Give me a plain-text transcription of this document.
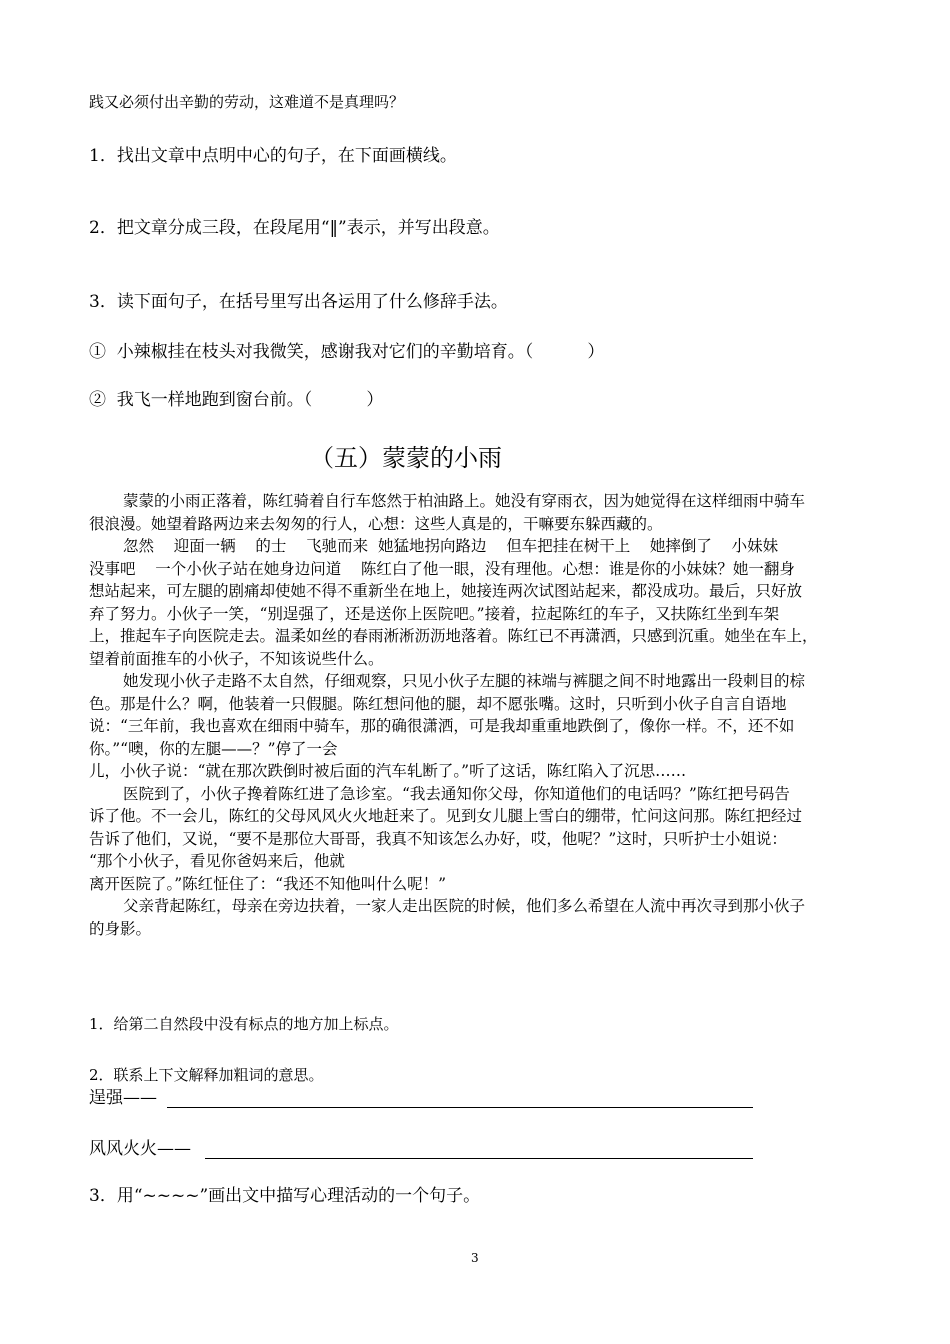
践又必须付出辛勤的劳动，这难道不是真理吗？
1．找出文章中点明中心的句子，在下面画横线。
2．把文章分成三段，在段尾用“‖”表示，并写出段意。
3．读下面句子，在括号里写出各运用了什么修辞手法。
①  小辣椒挂在枝头对我微笑，感谢我对它们的辛勤培育。（          ）
②  我飞一样地跑到窗台前。（          ）
（五）蒙蒙的小雨

蒙蒙的小雨正落着，陈红骑着自行车悠然于柏油路上。她没有穿雨衣，因为她觉得在这样细雨中骑车

很浪漫。她望着路两边来去匆匆的行人，心想：这些人真是的，干嘛要东躲西藏的。

忽然    迎面一辆    的士    飞驰而来  她猛地拐向路边    但车把挂在树干上    她摔倒了    小妹妹

没事吧    一个小伙子站在她身边问道    陈红白了他一眼，没有理他。心想：谁是你的小妹妹？她一翻身

想站起来，可左腿的剧痛却使她不得不重新坐在地上，她接连两次试图站起来，都没成功。最后，只好放

弃了努力。小伙子一笑，“别逞强了，还是送你上医院吧。”接着，拉起陈红的车子，又扶陈红坐到车架

上，推起车子向医院走去。温柔如丝的春雨淅淅沥沥地落着。陈红已不再潇洒，只感到沉重。她坐在车上，

望着前面推车的小伙子，不知该说些什么。

她发现小伙子走路不太自然，仔细观察，只见小伙子左腿的袜端与裤腿之间不时地露出一段刺目的棕

色。那是什么？啊，他装着一只假腿。陈红想问他的腿，却不愿张嘴。这时，只听到小伙子自言自语地

说：“三年前，我也喜欢在细雨中骑车，那的确很潇洒，可是我却重重地跌倒了，像你一样。不，还不如

你。”“噢，你的左腿——？”停了一会

儿，小伙子说：“就在那次跌倒时被后面的汽车轧断了。”听了这话，陈红陷入了沉思……

医院到了，小伙子搀着陈红进了急诊室。“我去通知你父母，你知道他们的电话吗？”陈红把号码告

诉了他。不一会儿，陈红的父母风风火火地赶来了。见到女儿腿上雪白的绷带，忙问这问那。陈红把经过

告诉了他们，又说，“要不是那位大哥哥，我真不知该怎么办好，哎，他呢？”这时，只听护士小姐说：

“那个小伙子，看见你爸妈来后，他就

离开医院了。”陈红怔住了：“我还不知他叫什么呢！”

父亲背起陈红，母亲在旁边扶着，一家人走出医院的时候，他们多么希望在人流中再次寻到那小伙子

的身影。

1．给第二自然段中没有标点的地方加上标点。
2．联系上下文解释加粗词的意思。
逞强——
风风火火——
3．用“~~~~”画出文中描写心理活动的一个句子。
3
